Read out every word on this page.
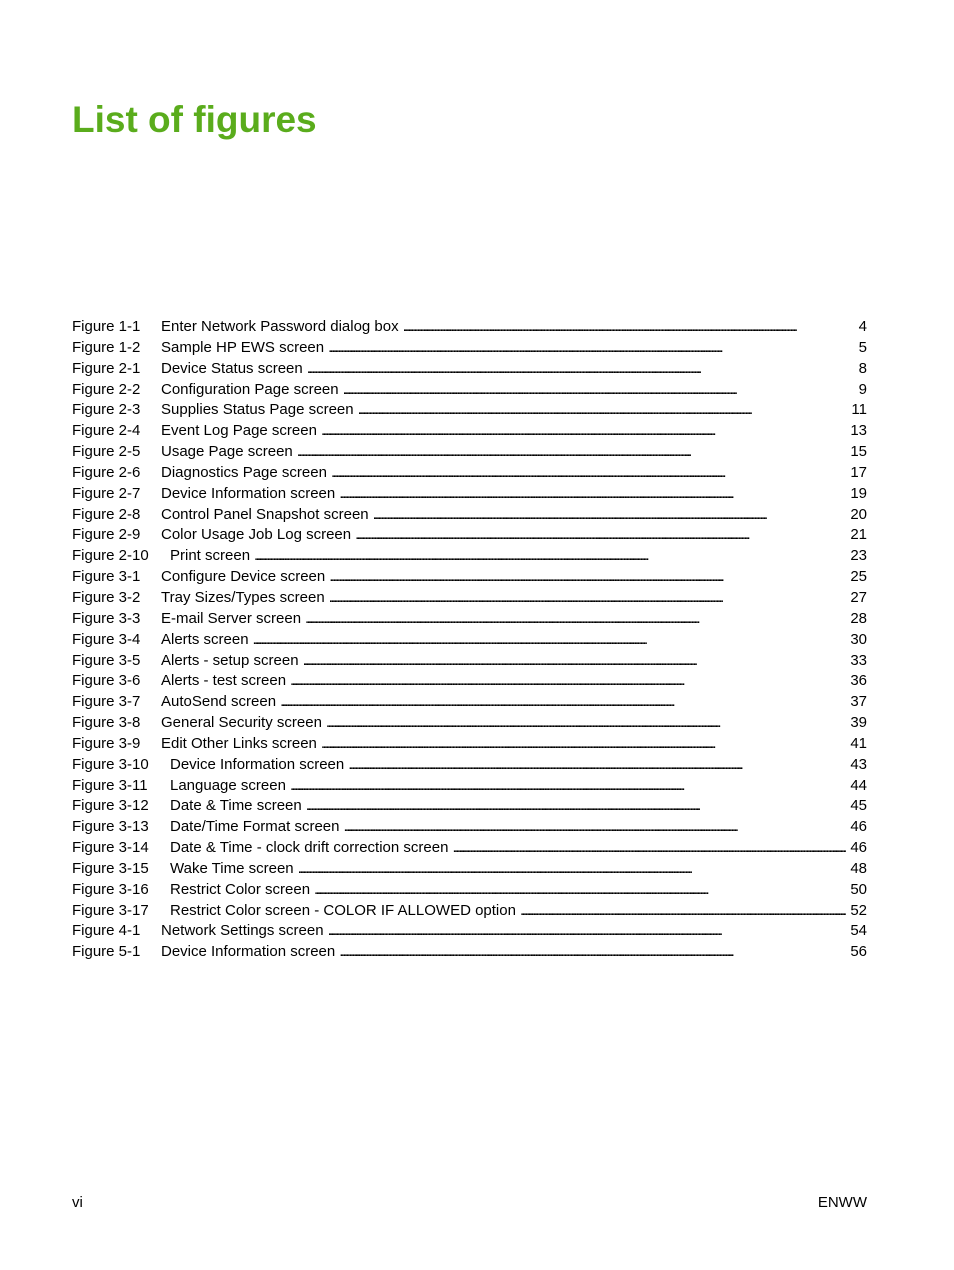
List of figures
Figure 1-1	Enter Network Password dialog box . . .	4
Figure 1-2	Sample HP EWS screen . . .	5
Figure 2-1	Device Status screen . . .	8
Figure 2-2	Configuration Page screen . . .	9
Figure 2-3	Supplies Status Page screen . . .	11
Figure 2-4	Event Log Page screen . . .	13
Figure 2-5	Usage Page screen . . .	15
Figure 2-6	Diagnostics Page screen . . .	17
Figure 2-7	Device Information screen . . .	19
Figure 2-8	Control Panel Snapshot screen . . .	20
Figure 2-9	Color Usage Job Log screen . . .	21
Figure 2-10	Print screen . . .	23
Figure 3-1	Configure Device screen . . .	25
Figure 3-2	Tray Sizes/Types screen . . .	27
Figure 3-3	E-mail Server screen . . .	28
Figure 3-4	Alerts screen . . .	30
Figure 3-5	Alerts - setup screen . . .	33
Figure 3-6	Alerts - test screen . . .	36
Figure 3-7	AutoSend screen . . .	37
Figure 3-8	General Security screen . . .	39
Figure 3-9	Edit Other Links screen . . .	41
Figure 3-10	Device Information screen . . .	43
Figure 3-11	Language screen . . .	44
Figure 3-12	Date & Time screen . . .	45
Figure 3-13	Date/Time Format screen . . .	46
Figure 3-14	Date & Time - clock drift correction screen . . .	46
Figure 3-15	Wake Time screen . . .	48
Figure 3-16	Restrict Color screen . . .	50
Figure 3-17	Restrict Color screen - COLOR IF ALLOWED option . . .	52
Figure 4-1	Network Settings screen . . .	54
Figure 5-1	Device Information screen . . .	56
vi	ENWW
